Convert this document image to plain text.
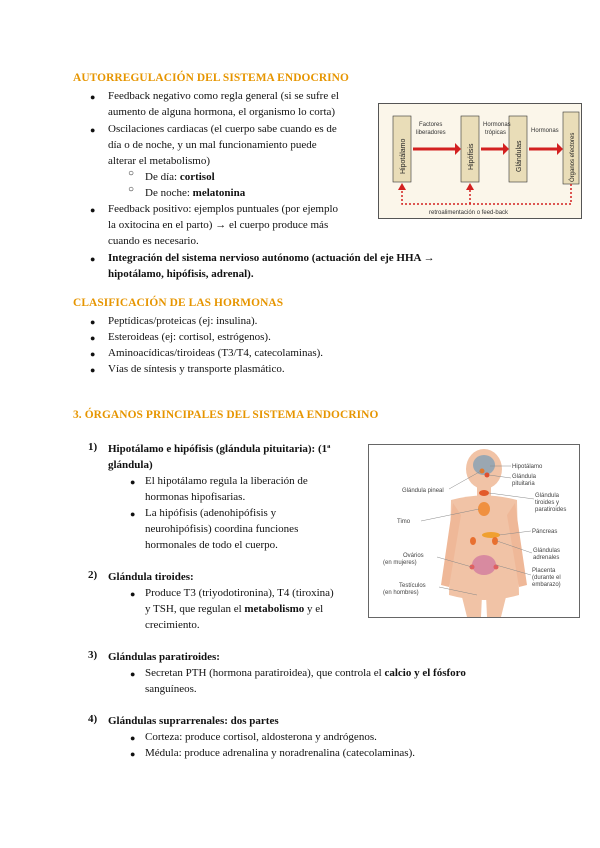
AUTORREGULACIÓN DEL SISTEMA ENDOCRINO
● Feedback negativo como regla general (si se sufre el
aumento de alguna hormona, el organismo lo corta)
● Oscilaciones cardiacas (el cuerpo sabe cuando es de
día o de noche, y un mal funcionamiento puede
alterar el metabolismo)
○ De día: cortisol
○ De noche: melatonina
● Feedback positivo: ejemplos puntuales (por ejemplo
la oxitocina en el parto) → el cuerpo produce más
cuando es necesario.
● Integración del sistema nervioso autónomo (actuación del eje HHA →
hipotálamo, hipófisis, adrenal).
Hipotálamo	Hipófisis	Glándulas	Órganos efectores
Factores
liberadores
Hormonas
trópicas	Hormonas
retroalimentación o feed-back
CLASIFICACIÓN DE LAS HORMONAS
● Peptídicas/proteicas (ej: insulina).
● Esteroideas (ej: cortisol, estrógenos).
● Aminoacídicas/tiroideas (T3/T4, catecolaminas).
● Vías de síntesis y transporte plasmático.
3. ÓRGANOS PRINCIPALES DEL SISTEMA ENDOCRINO
1) Hipotálamo e hipófisis (glándula pituitaria): (1ª
glándula)
● El hipotálamo regula la liberación de
hormonas hipofisarias.
● La hipófisis (adenohipófisis y
neurohipófisis) coordina funciones
hormonales de todo el cuerpo.
2) Glándula tiroides:
● Produce T3 (triyodotironina), T4 (tiroxina)
y TSH, que regulan el metabolismo y el
crecimiento.
3) Glándulas paratiroides:
● Secretan PTH (hormona paratiroidea), que controla el calcio y el fósforo
sanguíneos.
4) Glándulas suprarrenales: dos partes
● Corteza: produce cortisol, aldosterona y andrógenos.
● Médula: produce adrenalina y noradrenalina (catecolaminas).
Hipotálamo
Glándula
pituitaria
Glándula
tiroides y
paratiroides
Páncreas
Glándulas
adrenales
Placenta
(durante el
embarazo)
Glándula pineal
Timo
Ovários
(en mujeres)
Testículos
(en hombres)
